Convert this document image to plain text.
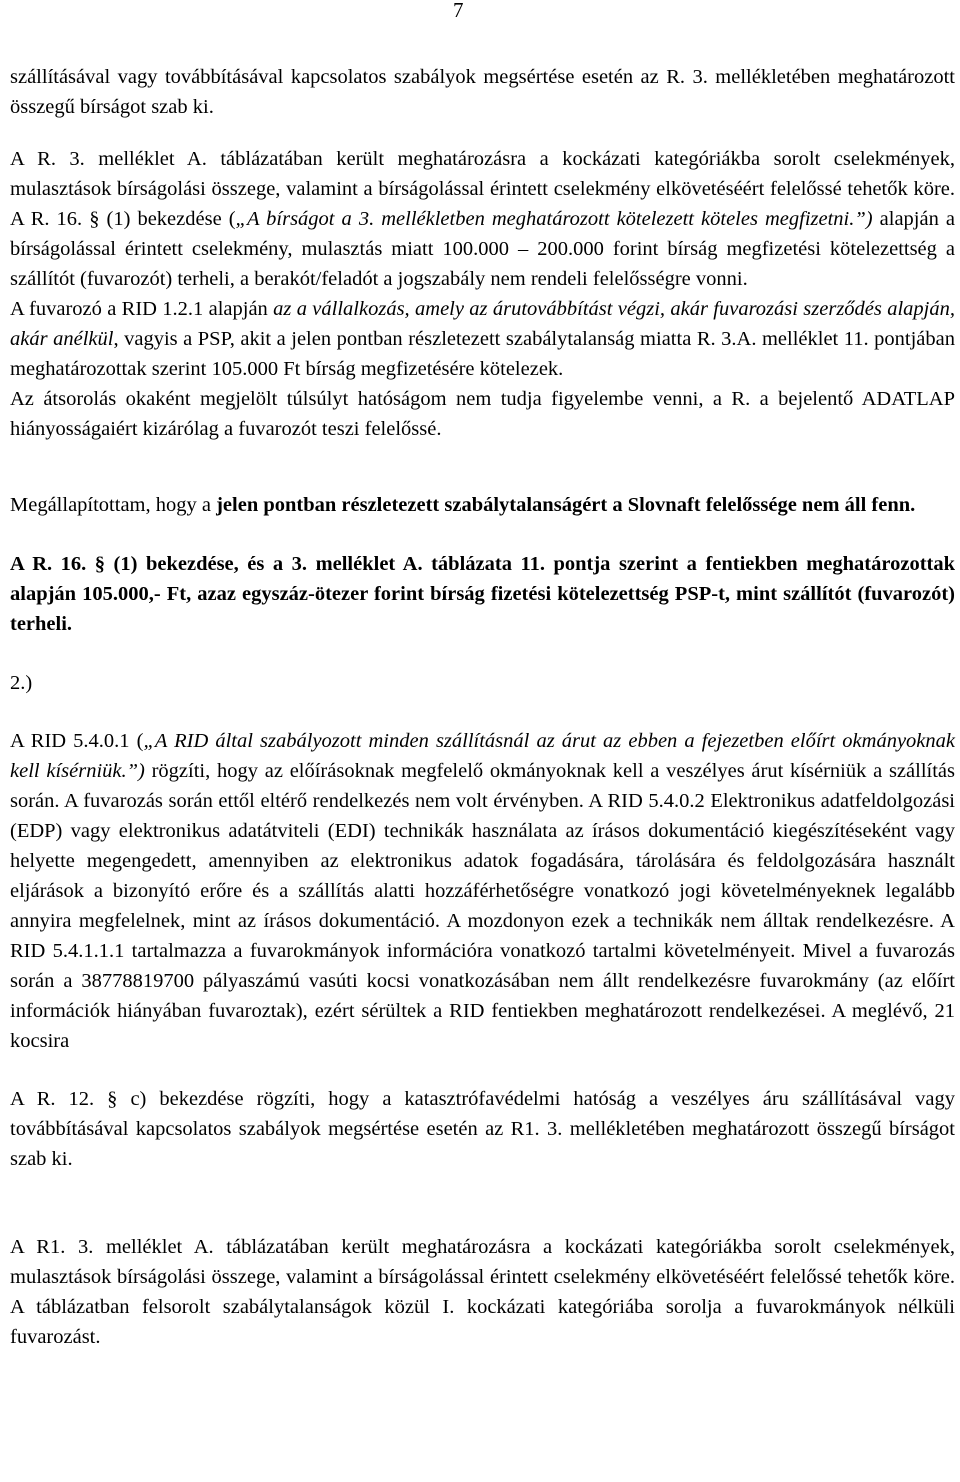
7

szállításával vagy továbbításával kapcsolatos szabályok megsértése esetén az R. 3. mellékletében meghatározott összegű bírságot szab ki.

A R. 3. melléklet A. táblázatában került meghatározásra a kockázati kategóriákba sorolt cselekmények, mulasztások bírságolási összege, valamint a bírságolással érintett cselekmény elkövetéséért felelőssé tehetők köre. A R. 16. § (1) bekezdése („A bírságot a 3. mellékletben meghatározott kötelezett köteles megfizetni.”) alapján a bírságolással érintett cselekmény, mulasztás miatt 100.000 – 200.000 forint bírság megfizetési kötelezettség a szállítót (fuvarozót) terheli, a berakót/feladót a jogszabály nem rendeli felelősségre vonni.

A fuvarozó a RID 1.2.1 alapján az a vállalkozás, amely az árutovábbítást végzi, akár fuvarozási szerződés alapján, akár anélkül, vagyis a PSP, akit a jelen pontban részletezett szabálytalanság miatta R. 3.A. melléklet 11. pontjában meghatározottak szerint 105.000 Ft bírság megfizetésére kötelezek.

Az átsorolás okaként megjelölt túlsúlyt hatóságom nem tudja figyelembe venni, a R. a bejelentő ADATLAP hiányosságaiért kizárólag a fuvarozót teszi felelőssé.

Megállapítottam, hogy a jelen pontban részletezett szabálytalanságért a Slovnaft felelőssége nem áll fenn.

A R. 16. § (1) bekezdése, és a 3. melléklet A. táblázata 11. pontja szerint a fentiekben meghatározottak alapján 105.000,- Ft, azaz egyszáz-ötezer forint bírság fizetési kötelezettség PSP-t, mint szállítót (fuvarozót) terheli.

2.)

A RID 5.4.0.1 („A RID által szabályozott minden szállításnál az árut az ebben a fejezetben előírt okmányoknak kell kísérniük.”) rögzíti, hogy az előírásoknak megfelelő okmányoknak kell a veszélyes árut kísérniük a szállítás során. A fuvarozás során ettől eltérő rendelkezés nem volt érvényben. A RID 5.4.0.2 Elektronikus adatfeldolgozási (EDP) vagy elektronikus adatátviteli (EDI) technikák használata az írásos dokumentáció kiegészítéseként vagy helyette megengedett, amennyiben az elektronikus adatok fogadására, tárolására és feldolgozására használt eljárások a bizonyító erőre és a szállítás alatti hozzáférhetőségre vonatkozó jogi követelményeknek legalább annyira megfelelnek, mint az írásos dokumentáció. A mozdonyon ezek a technikák nem álltak rendelkezésre. A RID 5.4.1.1.1 tartalmazza a fuvarokmányok információra vonatkozó tartalmi követelményeit. Mivel a fuvarozás során a 38778819700 pályaszámú vasúti kocsi vonatkozásában nem állt rendelkezésre fuvarokmány (az előírt információk hiányában fuvaroztak), ezért sérültek a RID fentiekben meghatározott rendelkezései. A meglévő, 21 kocsira

A R. 12. § c) bekezdése rögzíti, hogy a katasztrófavédelmi hatóság a veszélyes áru szállításával vagy továbbításával kapcsolatos szabályok megsértése esetén az R1. 3. mellékletében meghatározott összegű bírságot szab ki.

A R1. 3. melléklet A. táblázatában került meghatározásra a kockázati kategóriákba sorolt cselekmények, mulasztások bírságolási összege, valamint a bírságolással érintett cselekmény elkövetéséért felelőssé tehetők köre. A táblázatban felsorolt szabálytalanságok közül I. kockázati kategóriába sorolja a fuvarokmányok nélküli fuvarozást.
